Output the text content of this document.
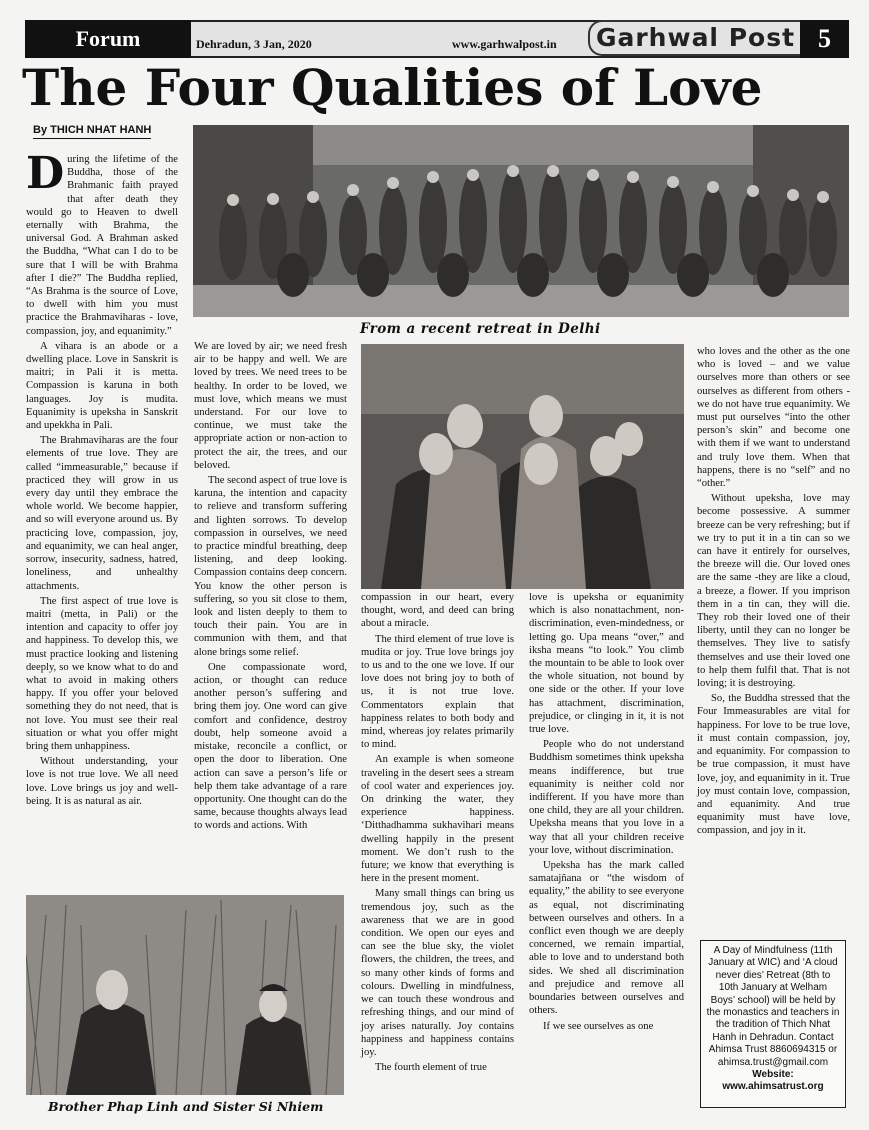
Forum	Dehradun, 3 Jan, 2020	www.garhwalpost.in Garhwal Post 5
The Four Qualities of Love
By THICH NHAT HANH

During the lifetime of the Buddha, those of the Brahmanic faith prayed that after death they would go to Heaven to dwell eternally with Brahma, the universal God. A Brahman asked the Buddha, “What can I do to be sure that I will be with Brahma after I die?” The Buddha replied, “As Brahma is the source of Love, to dwell with him you must practice the Brahmaviharas - love, compassion, joy, and equanimity.”

A vihara is an abode or a dwelling place. Love in Sanskrit is maitri; in Pali it is metta. Compassion is karuna in both languages. Joy is mudita. Equanimity is upeksha in Sanskrit and upekkha in Pali.

The Brahmaviharas are the four elements of true love. They are called “immeasurable,” because if practiced they will grow in us every day until they embrace the whole world. We become happier, and so will everyone around us. By practicing love, compassion, joy, and equanimity, we can heal anger, sorrow, insecurity, sadness, hatred, loneliness, and unhealthy attachments.

The first aspect of true love is maitri (metta, in Pali) or the intention and capacity to offer joy and happiness. To develop this, we must practice looking and listening deeply, so we know what to do and what to avoid in making others happy. If you offer your beloved something they do not need, that is not love. You must see their real situation or what you offer might bring them unhappiness.

Without understanding, your love is not true love. We all need love. Love brings us joy and well-being. It is as natural as air.

From a recent retreat in Delhi

We are loved by air; we need fresh air to be happy and well. We are loved by trees. We need trees to be healthy. In order to be loved, we must love, which means we must understand. For our love to continue, we must take the appropriate action or non-action to protect the air, the trees, and our beloved.

The second aspect of true love is karuna, the intention and capacity to relieve and transform suffering and lighten sorrows. To develop compassion in ourselves, we need to practice mindful breathing, deep listening, and deep looking. Compassion contains deep concern. You know the other person is suffering, so you sit close to them, look and listen deeply to them to touch their pain. You are in communion with them, and that alone brings some relief.

One compassionate word, action, or thought can reduce another person’s suffering and bring them joy. One word can give comfort and confidence, destroy doubt, help someone avoid a mistake, reconcile a conflict, or open the door to liberation. One action can save a person’s life or help them take advantage of a rare opportunity. One thought can do the same, because thoughts always lead to words and actions. With

compassion in our heart, every thought, word, and deed can bring about a miracle.

The third element of true love is mudita or joy. True love brings joy to us and to the one we love. If our love does not bring joy to both of us, it is not true love. Commentators explain that happiness relates to both body and mind, whereas joy relates primarily to mind.

An example is when someone traveling in the desert sees a stream of cool water and experiences joy. On drinking the water, they experience happiness. ‘Ditthadhamma sukhavihari means dwelling happily in the present moment. We don’t rush to the future; we know that everything is here in the present moment.

Many small things can bring us tremendous joy, such as the awareness that we are in good condition. We open our eyes and can see the blue sky, the violet flowers, the children, the trees, and so many other kinds of forms and colours. Dwelling in mindfulness, we can touch these wondrous and refreshing things, and our mind of joy arises naturally. Joy contains happiness and happiness contains joy.

The fourth element of true

love is upeksha or equanimity which is also nonattachment, non-discrimination, even-mindedness, or letting go. Upa means “over,” and iksha means “to look.” You climb the mountain to be able to look over the whole situation, not bound by one side or the other. If your love has attachment, discrimination, prejudice, or clinging in it, it is not true love.

People who do not understand Buddhism sometimes think upeksha means indifference, but true equanimity is neither cold nor indifferent. If you have more than one child, they are all your children. Upeksha means that you love in a way that all your children receive your love, without discrimination.

Upeksha has the mark called samatajñana or “the wisdom of equality,” the ability to see everyone as equal, not discriminating between ourselves and others. In a conflict even though we are deeply concerned, we remain impartial, able to love and to understand both sides. We shed all discrimination and prejudice and remove all boundaries between ourselves and others.

If we see ourselves as one

who loves and the other as the one who is loved – and we value ourselves more than others or see ourselves as different from others - we do not have true equanimity. We must put ourselves “into the other person’s skin” and become one with them if we want to understand and truly love them. When that happens, there is no “self” and no “other.”

Without upeksha, love may become possessive. A summer breeze can be very refreshing; but if we try to put it in a tin can so we can have it entirely for ourselves, the breeze will die. Our loved ones are the same -they are like a cloud, a breeze, a flower. If you imprison them in a tin can, they will die. They rob their loved one of their liberty, until they can no longer be themselves. They live to satisfy themselves and use their loved one to help them fulfil that. That is not loving; it is destroying.

So, the Buddha stressed that the Four Immeasurables are vital for happiness. For love to be true love, it must contain compassion, joy, and equanimity. For compassion to be true compassion, it must have love, joy, and equanimity in it. True joy must contain love, compassion, and equanimity. And true equanimity must have love, compassion, and joy in it.

Brother Phap Linh and Sister Si Nhiem
A Day of Mindfulness (11th January at WIC) and ‘A cloud never dies’ Retreat (8th to 10th January at Welham Boys’ school) will be held by the monastics and teachers in the tradition of Thich Nhat Hanh in Dehradun. Contact Ahimsa Trust 8860694315 or ahimsa.trust@gmail.com
Website:
www.ahimsatrust.org
